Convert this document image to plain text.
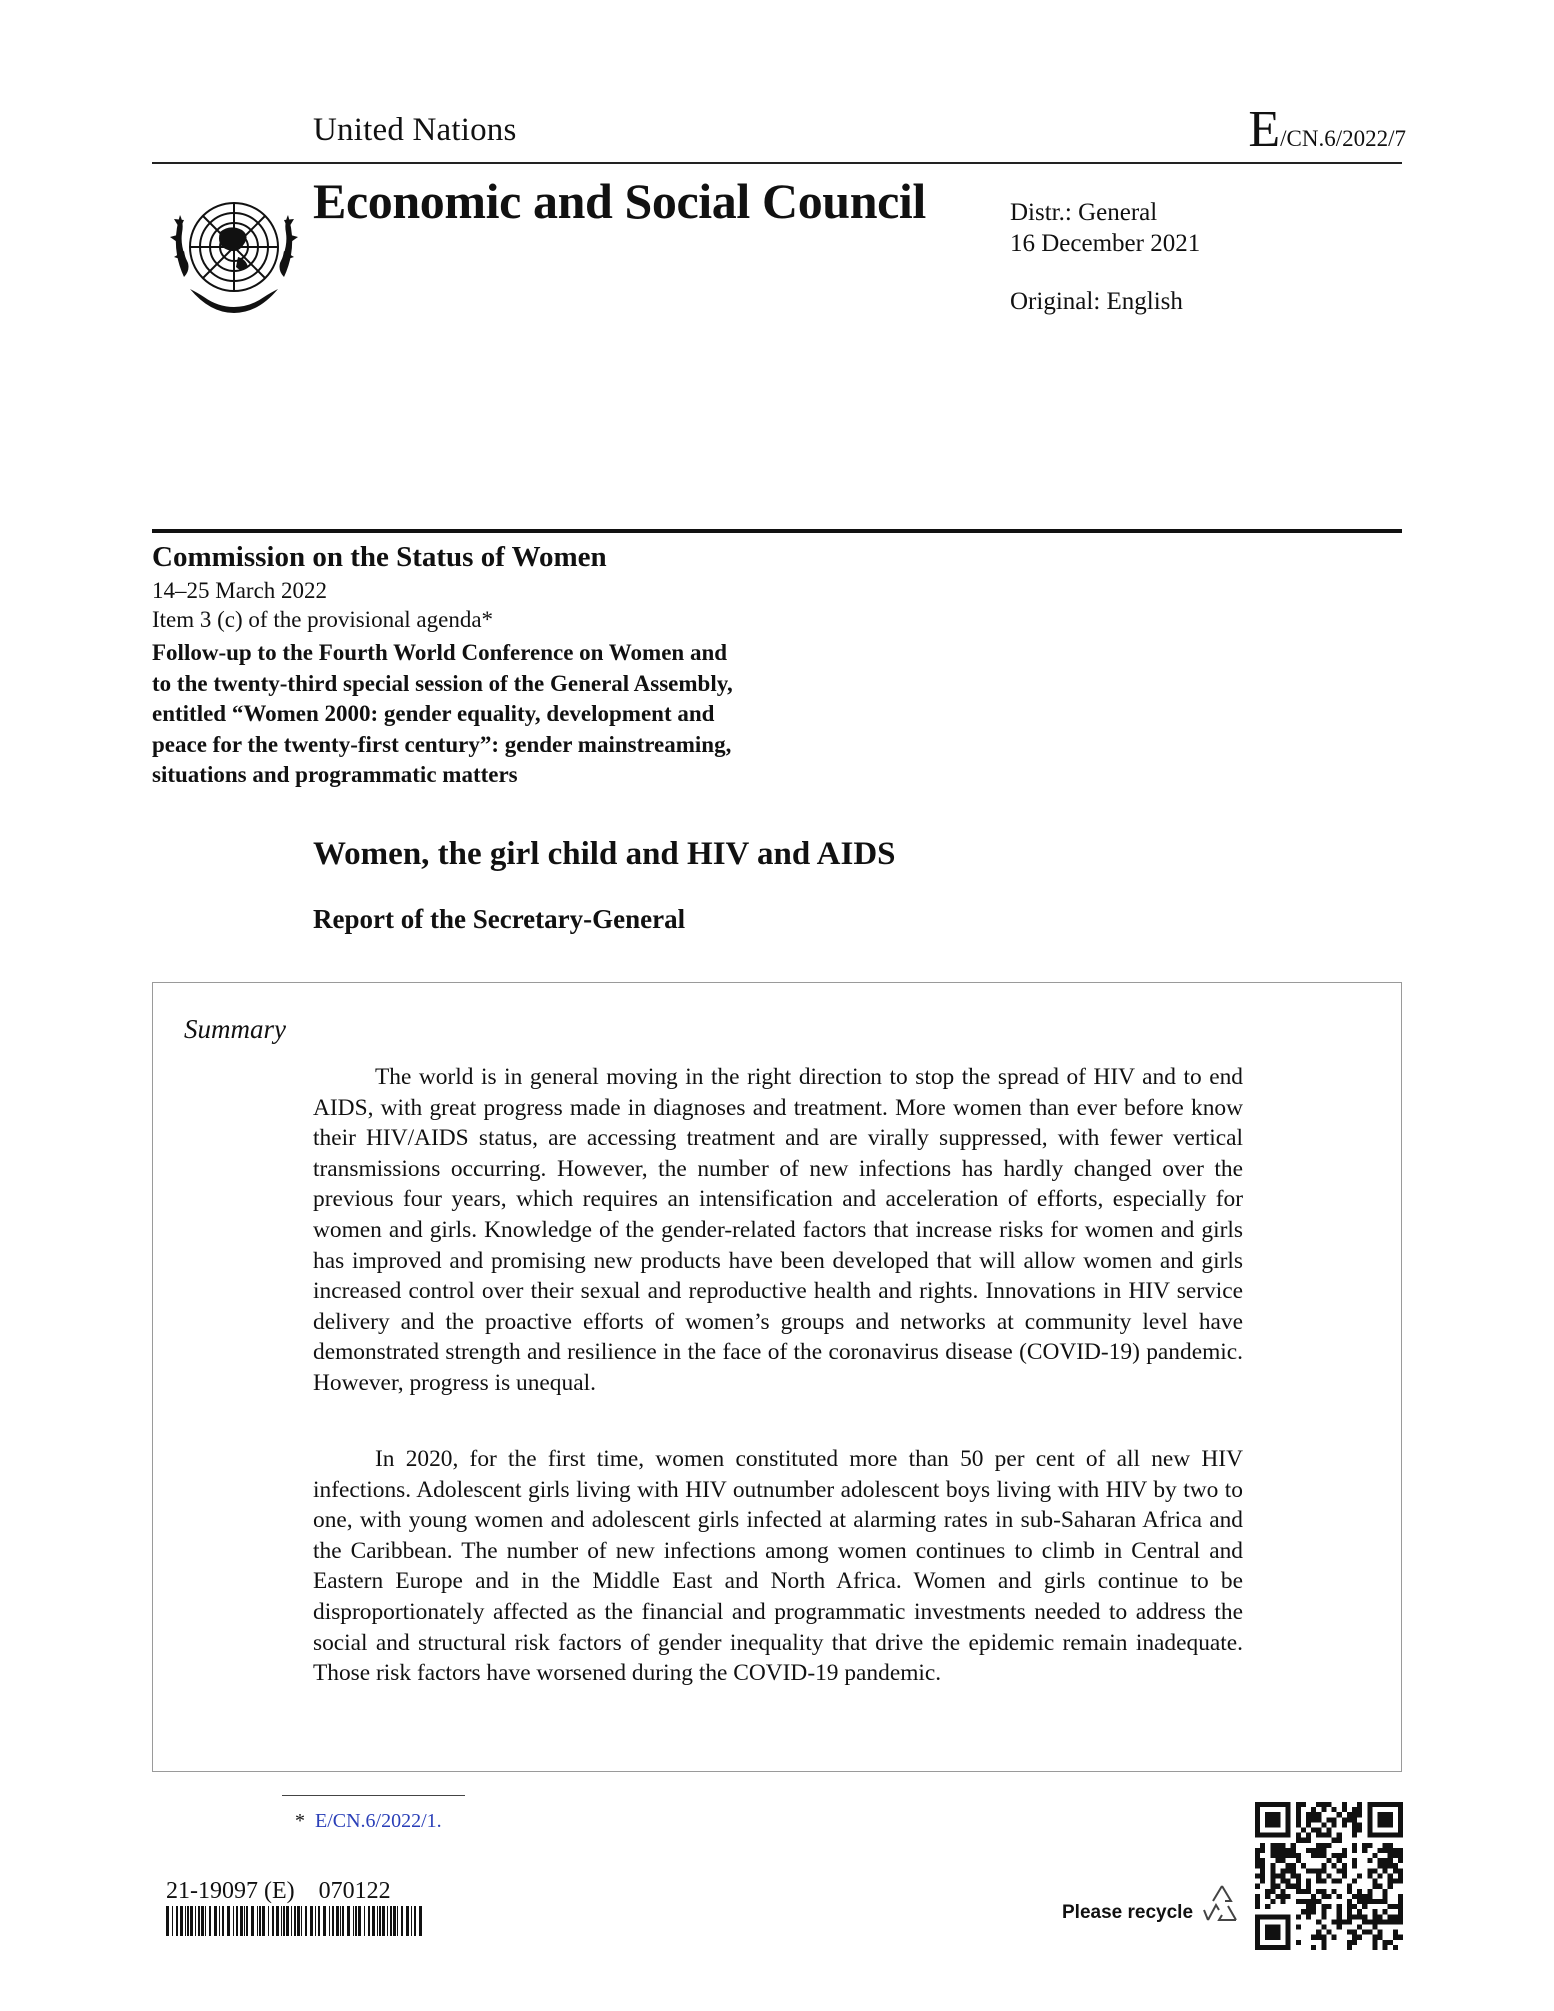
United Nations	E/CN.6/2022/7
Economic and Social Council	Distr.: General
16 December 2021
Original: English
Commission on the Status of Women
14–25 March 2022
Item 3 (c) of the provisional agenda*
Follow-up to the Fourth World Conference on Women and
to the twenty-third special session of the General Assembly,
entitled “Women 2000: gender equality, development and
peace for the twenty-first century”: gender mainstreaming,
situations and programmatic matters
Women, the girl child and HIV and AIDS
Report of the Secretary-General
Summary
The world is in general moving in the right direction to stop the spread of HIV and to end AIDS, with great progress made in diagnoses and treatment. More women than ever before know their HIV/AIDS status, are accessing treatment and are virally suppressed, with fewer vertical transmissions occurring. However, the number of new infections has hardly changed over the previous four years, which requires an intensification and acceleration of efforts, especially for women and girls. Knowledge of the gender-related factors that increase risks for women and girls has improved and promising new products have been developed that will allow women and girls increased control over their sexual and reproductive health and rights. Innovations in HIV service delivery and the proactive efforts of women’s groups and networks at community level have demonstrated strength and resilience in the face of the coronavirus disease (COVID-19) pandemic. However, progress is unequal.
In 2020, for the first time, women constituted more than 50 per cent of all new HIV infections. Adolescent girls living with HIV outnumber adolescent boys living with HIV by two to one, with young women and adolescent girls infected at alarming rates in sub-Saharan Africa and the Caribbean. The number of new infections among women continues to climb in Central and Eastern Europe and in the Middle East and North Africa. Women and girls continue to be disproportionately affected as the financial and programmatic investments needed to address the social and structural risk factors of gender inequality that drive the epidemic remain inadequate. Those risk factors have worsened during the COVID-19 pandemic.
* E/CN.6/2022/1.
21-19097 (E)    070122
Please recycle
